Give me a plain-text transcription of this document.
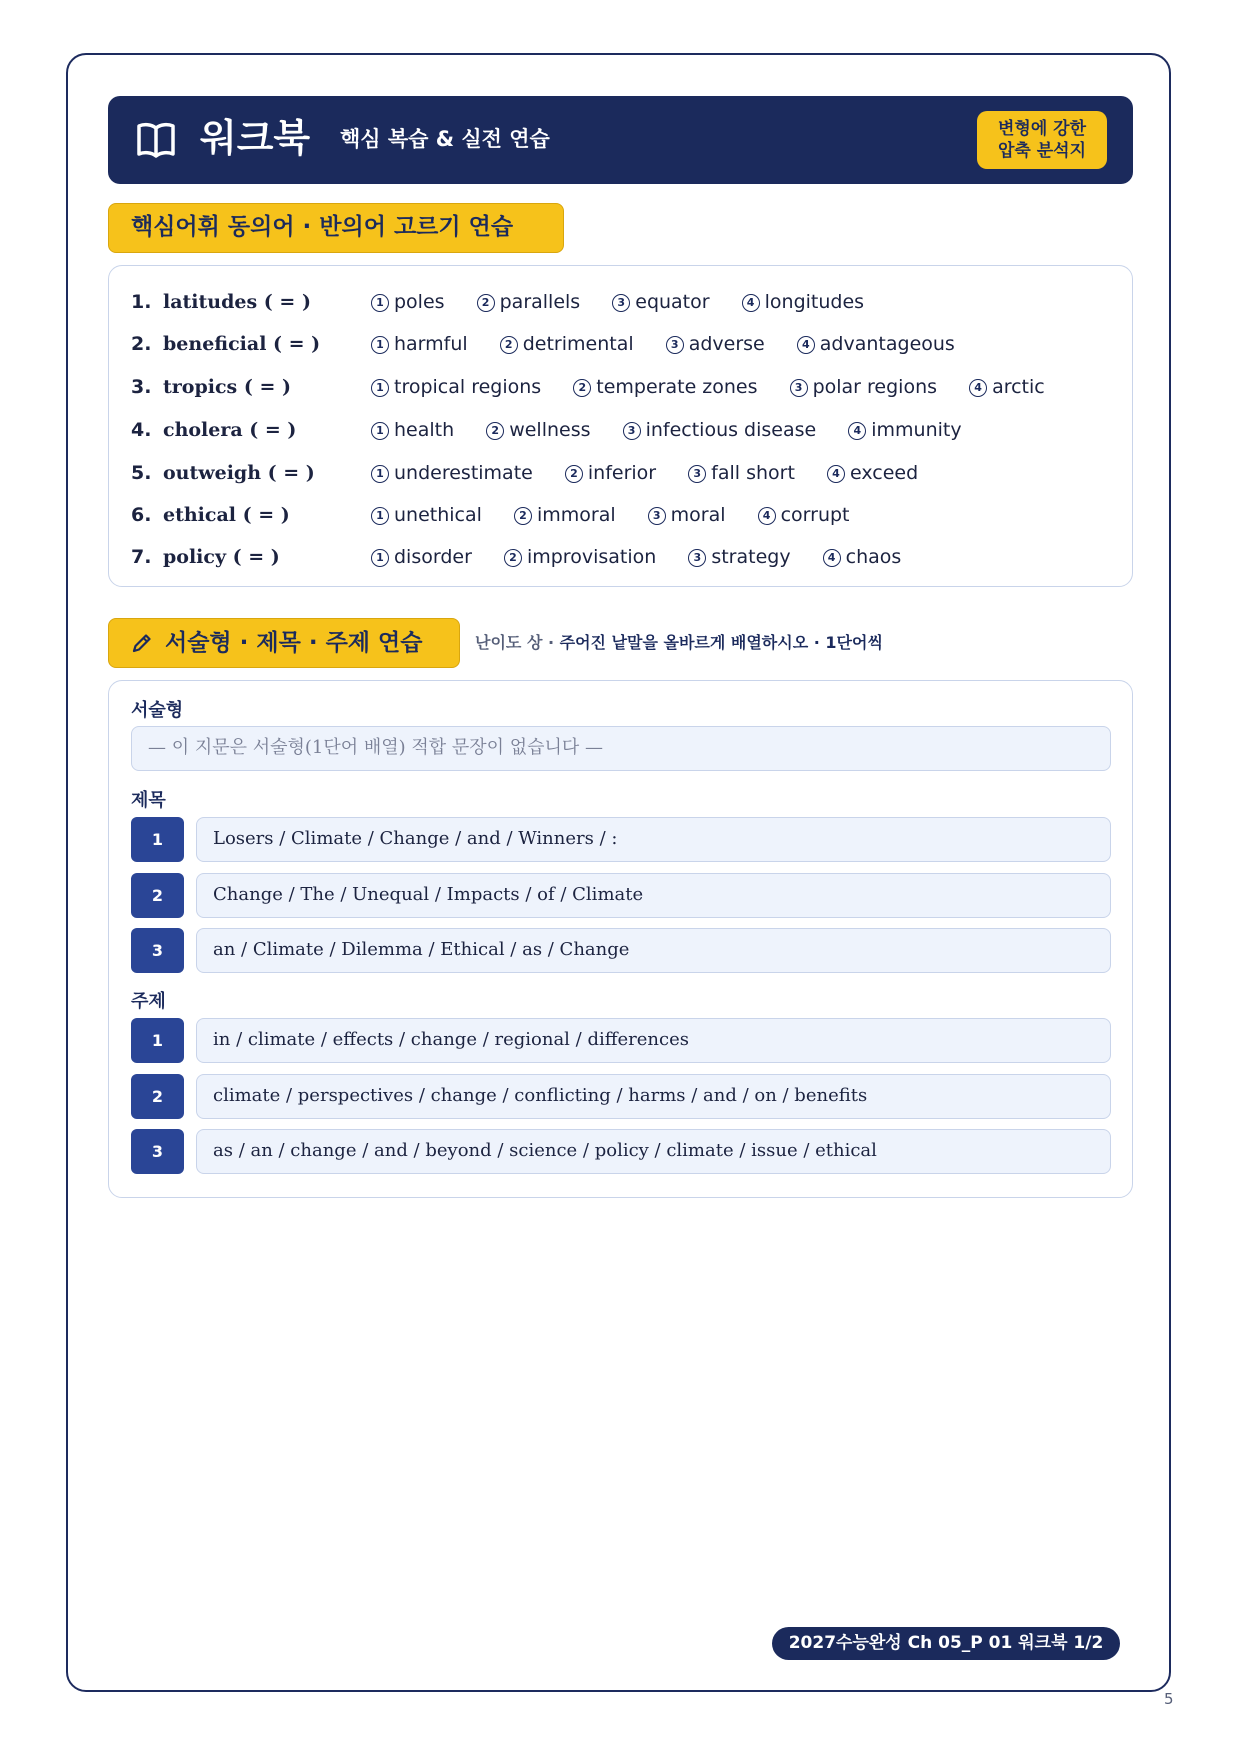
워크북 핵심 복습 & 실전 연습	변형에 강한
압축 분석지
핵심어휘 동의어 · 반의어 고르기 연습
1. latitudes ( = )	1 poles	2 parallels	3 equator	4 longitudes
2. beneficial ( = )	1 harmful	2 detrimental	3 adverse	4 advantageous
3. tropics ( = )	1 tropical regions	2 temperate zones	3 polar regions	4 arctic
4. cholera ( = )	1 health	2 wellness	3 infectious disease	4 immunity
5. outweigh ( = )	1 underestimate	2 inferior	3 fall short	4 exceed
6. ethical ( = )	1 unethical	2 immoral	3 moral	4 corrupt
7. policy ( = )	1 disorder	2 improvisation	3 strategy	4 chaos
서술형 · 제목 · 주제 연습	난이도 상 · 주어진 낱말을 올바르게 배열하시오 · 1단어씩
서술형
— 이 지문은 서술형(1단어 배열) 적합 문장이 없습니다 —
제목
1	Losers / Climate / Change / and / Winners / :
2	Change / The / Unequal / Impacts / of / Climate
3	an / Climate / Dilemma / Ethical / as / Change
주제
1	in / climate / effects / change / regional / differences
2	climate / perspectives / change / conflicting / harms / and / on / benefits
3	as / an / change / and / beyond / science / policy / climate / issue / ethical
2027수능완성 Ch 05_P 01 워크북 1/2
5
